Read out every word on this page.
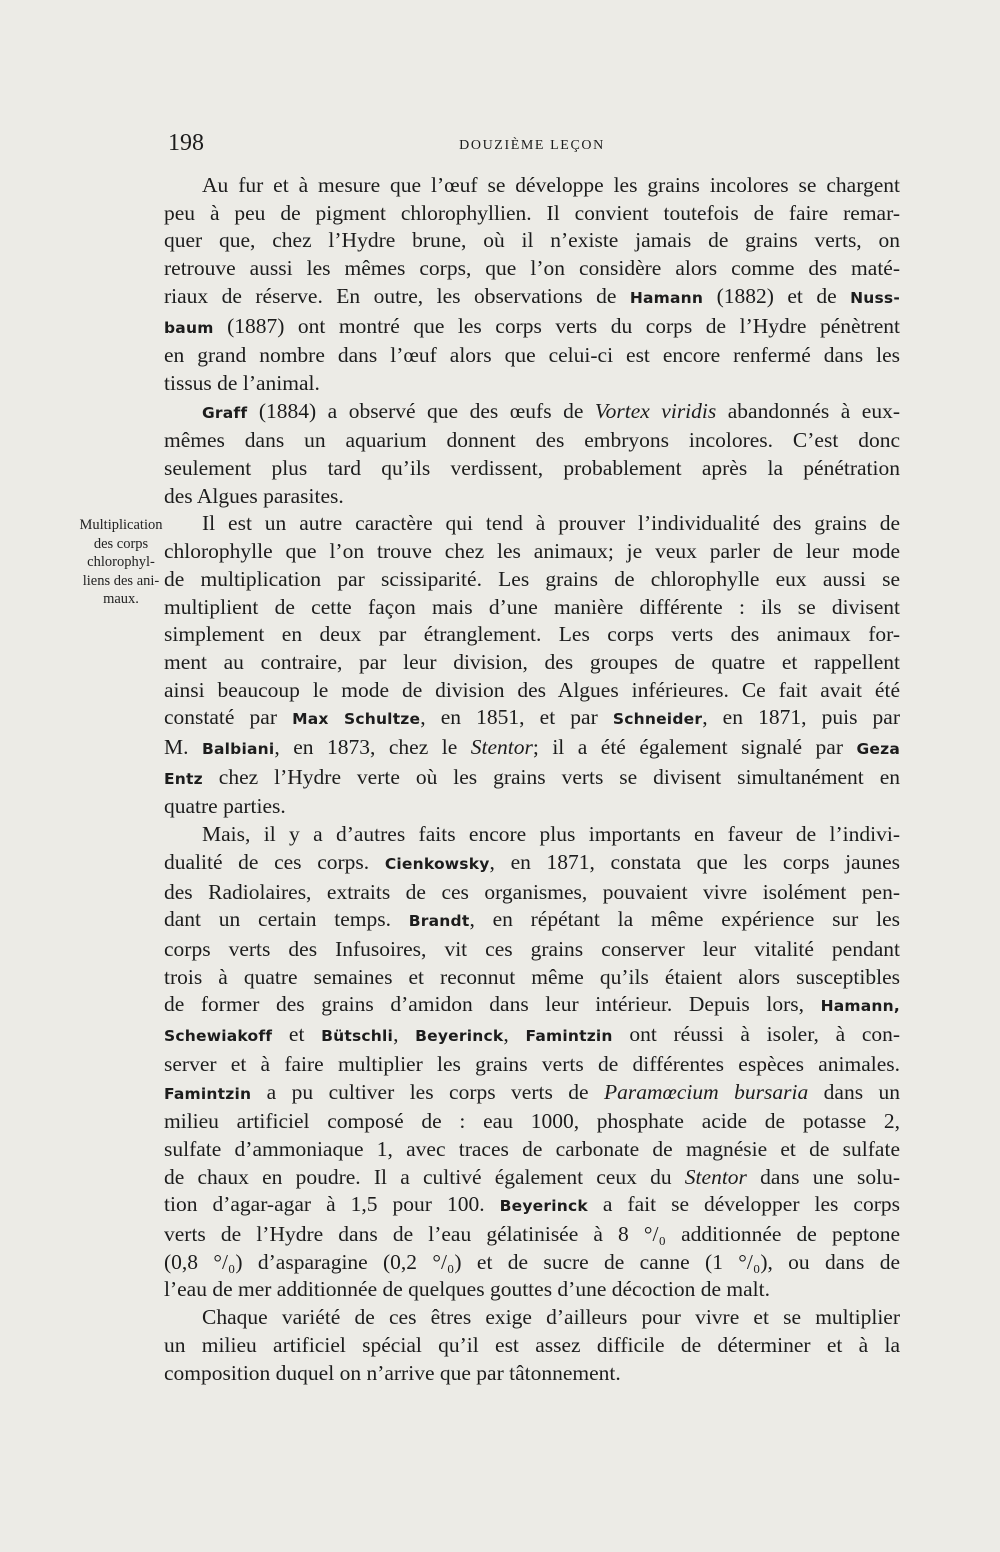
198	DOUZIÈME LEÇON
Multiplication
des corps
chlorophyl-
liens des ani-
maux.

Au fur et à mesure que l’œuf se développe les grains incolores se chargent
peu à peu de pigment chlorophyllien. Il convient toutefois de faire remar-
quer que, chez l’Hydre brune, où il n’existe jamais de grains verts, on
retrouve aussi les mêmes corps, que l’on considère alors comme des maté-
riaux de réserve. En outre, les observations de Hamann (1882) et de Nuss-
baum (1887) ont montré que les corps verts du corps de l’Hydre pénètrent
en grand nombre dans l’œuf alors que celui-ci est encore renfermé dans les
tissus de l’animal.

Graff (1884) a observé que des œufs de Vortex viridis abandonnés à eux-
mêmes dans un aquarium donnent des embryons incolores. C’est donc
seulement plus tard qu’ils verdissent, probablement après la pénétration
des Algues parasites.

Il est un autre caractère qui tend à prouver l’individualité des grains de
chlorophylle que l’on trouve chez les animaux; je veux parler de leur mode
de multiplication par scissiparité. Les grains de chlorophylle eux aussi se
multiplient de cette façon mais d’une manière différente : ils se divisent
simplement en deux par étranglement. Les corps verts des animaux for-
ment au contraire, par leur division, des groupes de quatre et rappellent
ainsi beaucoup le mode de division des Algues inférieures. Ce fait avait été
constaté par Max Schultze, en 1851, et par Schneider, en 1871, puis par
M. Balbiani, en 1873, chez le Stentor; il a été également signalé par Geza
Entz chez l’Hydre verte où les grains verts se divisent simultanément en
quatre parties.

Mais, il y a d’autres faits encore plus importants en faveur de l’indivi-
dualité de ces corps. Cienkowsky, en 1871, constata que les corps jaunes
des Radiolaires, extraits de ces organismes, pouvaient vivre isolément pen-
dant un certain temps. Brandt, en répétant la même expérience sur les
corps verts des Infusoires, vit ces grains conserver leur vitalité pendant
trois à quatre semaines et reconnut même qu’ils étaient alors susceptibles
de former des grains d’amidon dans leur intérieur. Depuis lors, Hamann,
Schewiakoff et Bütschli, Beyerinck, Famintzin ont réussi à isoler, à con-
server et à faire multiplier les grains verts de différentes espèces animales.
Famintzin a pu cultiver les corps verts de Paramœcium bursaria dans un
milieu artificiel composé de : eau 1000, phosphate acide de potasse 2,
sulfate d’ammoniaque 1, avec traces de carbonate de magnésie et de sulfate
de chaux en poudre. Il a cultivé également ceux du Stentor dans une solu-
tion d’agar-agar à 1,5 pour 100. Beyerinck a fait se développer les corps
verts de l’Hydre dans de l’eau gélatinisée à 8 °/₀ additionnée de peptone
(0,8 °/₀) d’asparagine (0,2 °/₀) et de sucre de canne (1 °/₀), ou dans de
l’eau de mer additionnée de quelques gouttes d’une décoction de malt.

Chaque variété de ces êtres exige d’ailleurs pour vivre et se multiplier
un milieu artificiel spécial qu’il est assez difficile de déterminer et à la
composition duquel on n’arrive que par tâtonnement.
